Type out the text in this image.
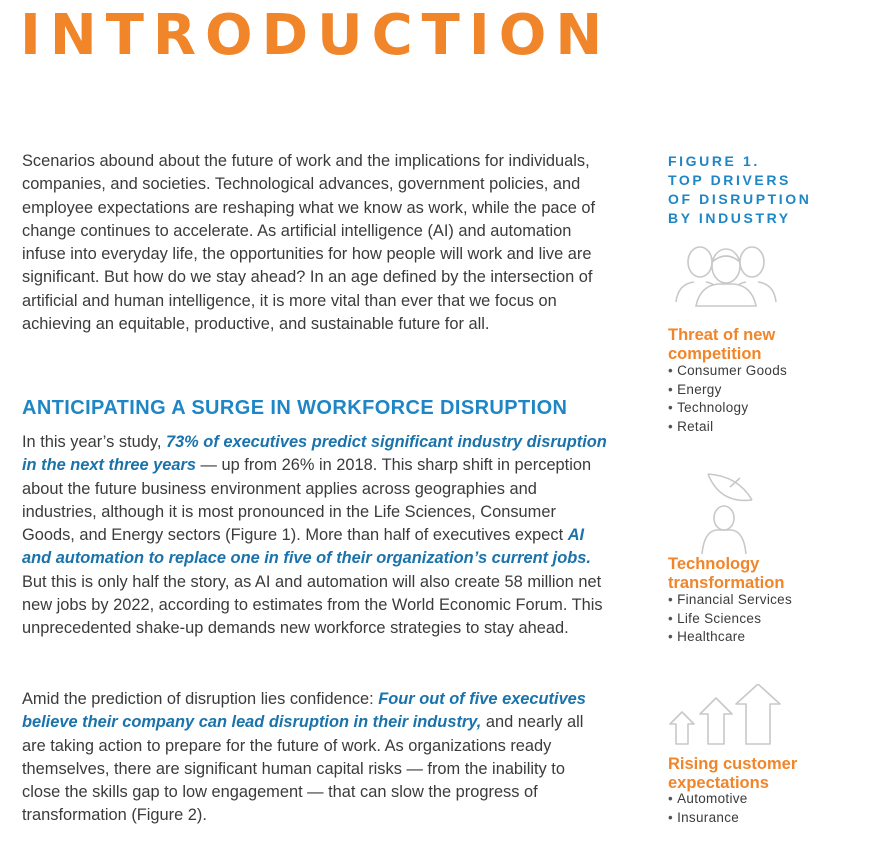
INTRODUCTION

Scenarios abound about the future of work and the implications for individuals, companies, and societies. Technological advances, government policies, and employee expectations are reshaping what we know as work, while the pace of change continues to accelerate. As artificial intelligence (AI) and automation infuse into everyday life, the opportunities for how people will work and live are significant. But how do we stay ahead? In an age defined by the intersection of artificial and human intelligence, it is more vital than ever that we focus on achieving an equitable, productive, and sustainable future for all.

ANTICIPATING A SURGE IN WORKFORCE DISRUPTION

In this year’s study, 73% of executives predict significant industry disruption in the next three years — up from 26% in 2018. This sharp shift in perception about the future business environment applies across geographies and industries, although it is most pronounced in the Life Sciences, Consumer Goods, and Energy sectors (Figure 1). More than half of executives expect AI and automation to replace one in five of their organization’s current jobs. But this is only half the story, as AI and automation will also create 58 million net new jobs by 2022, according to estimates from the World Economic Forum. This unprecedented shake-up demands new workforce strategies to stay ahead.

Amid the prediction of disruption lies confidence: Four out of five executives believe their company can lead disruption in their industry, and nearly all are taking action to prepare for the future of work. As organizations ready themselves, there are significant human capital risks — from the inability to close the skills gap to low engagement — that can slow the progress of transformation (Figure 2).

FIGURE 1.
TOP DRIVERS
OF DISRUPTION
BY INDUSTRY
Threat of new competition
• Consumer Goods
• Energy
• Technology
• Retail
Technology transformation
• Financial Services
• Life Sciences
• Healthcare
Rising customer expectations
• Automotive
• Insurance
